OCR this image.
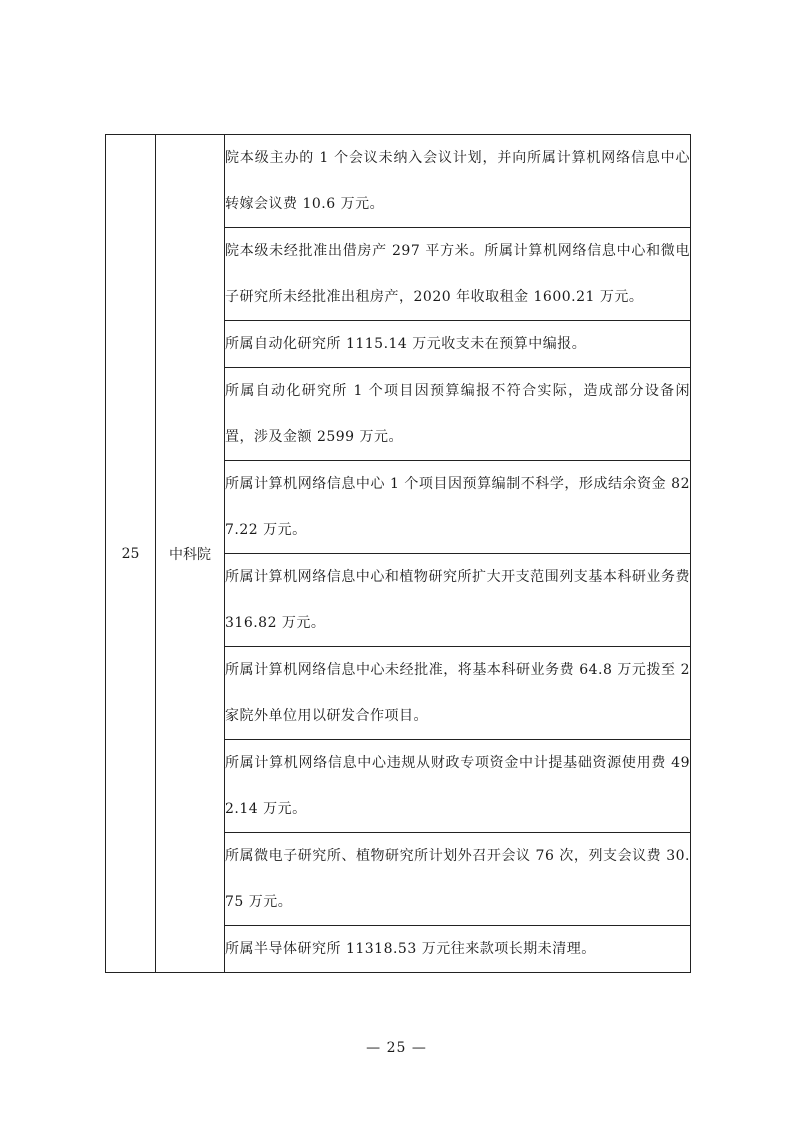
25	中科院	院本级主办的 1 个会议未纳入会议计划，并向所属计算机网络信息中心转嫁会议费 10.6 万元。
院本级未经批准出借房产 297 平方米。所属计算机网络信息中心和微电子研究所未经批准出租房产，2020 年收取租金 1600.21 万元。
所属自动化研究所 1115.14 万元收支未在预算中编报。
所属自动化研究所 1 个项目因预算编报不符合实际，造成部分设备闲置，涉及金额 2599 万元。
所属计算机网络信息中心 1 个项目因预算编制不科学，形成结余资金 827.22 万元。
所属计算机网络信息中心和植物研究所扩大开支范围列支基本科研业务费 316.82 万元。
所属计算机网络信息中心未经批准，将基本科研业务费 64.8 万元拨至 2 家院外单位用以研发合作项目。
所属计算机网络信息中心违规从财政专项资金中计提基础资源使用费 492.14 万元。
所属微电子研究所、植物研究所计划外召开会议 76 次，列支会议费 30.75 万元。
所属半导体研究所 11318.53 万元往来款项长期未清理。
— 25 —
